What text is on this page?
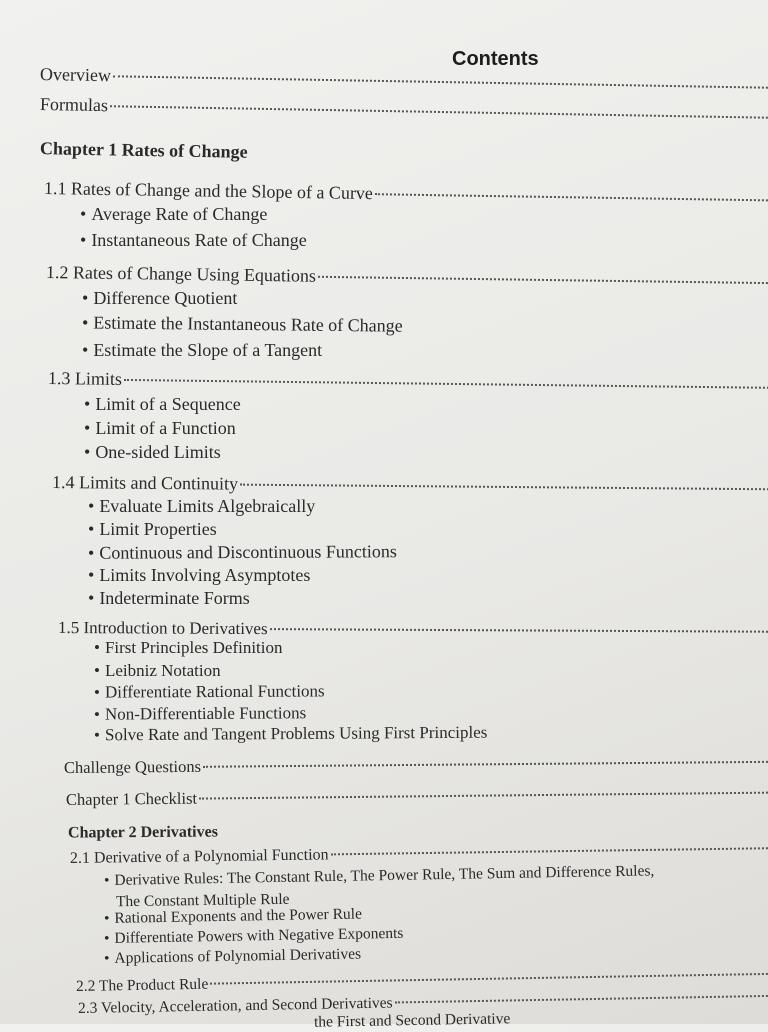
Contents
Overview
Formulas
Chapter 1 Rates of Change
1.1 Rates of Change and the Slope of a Curve
• Average Rate of Change
• Instantaneous Rate of Change
1.2 Rates of Change Using Equations
• Difference Quotient
• Estimate the Instantaneous Rate of Change
• Estimate the Slope of a Tangent
1.3 Limits
• Limit of a Sequence
• Limit of a Function
• One-sided Limits
1.4 Limits and Continuity
• Evaluate Limits Algebraically
• Limit Properties
• Continuous and Discontinuous Functions
• Limits Involving Asymptotes
• Indeterminate Forms
1.5 Introduction to Derivatives
• First Principles Definition
• Leibniz Notation
• Differentiate Rational Functions
• Non-Differentiable Functions
• Solve Rate and Tangent Problems Using First Principles
Challenge Questions
Chapter 1 Checklist
Chapter 2 Derivatives
2.1 Derivative of a Polynomial Function
• Derivative Rules: The Constant Rule, The Power Rule, The Sum and Difference Rules,
The Constant Multiple Rule
• Rational Exponents and the Power Rule
• Differentiate Powers with Negative Exponents
• Applications of Polynomial Derivatives
2.2 The Product Rule
2.3 Velocity, Acceleration, and Second Derivatives
the First and Second Derivative
